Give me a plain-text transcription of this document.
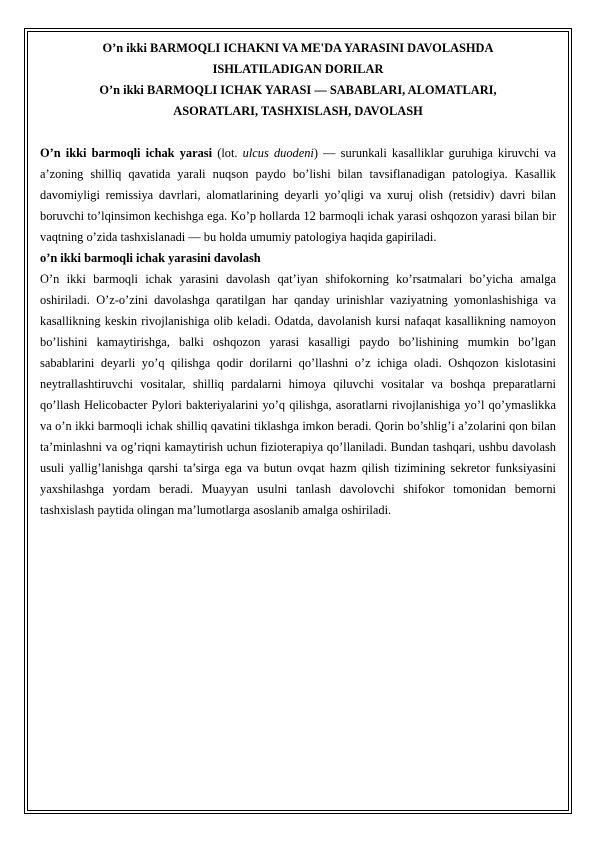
O’n ikki BARMOQLI ICHAKNI VA ME'DA YARASINI DAVOLASHDA
ISHLATILADIGAN DORILAR

O’n ikki BARMOQLI ICHAK YARASI — SABABLARI, ALOMATLARI,
ASORATLARI, TASHXISLASH, DAVOLASH

O’n ikki barmoqli ichak yarasi (lot. ulcus duodeni) — surunkali kasalliklar guruhiga kiruvchi va a’zoning shilliq qavatida yarali nuqson paydo bo’lishi bilan tavsiflanadigan patologiya. Kasallik davomiyligi remissiya davrlari, alomatlarining deyarli yo’qligi va xuruj olish (retsidiv) davri bilan boruvchi to’lqinsimon kechishga ega. Ko’p hollarda 12 barmoqli ichak yarasi oshqozon yarasi bilan bir vaqtning o’zida tashxislanadi — bu holda umumiy patologiya haqida gapiriladi.

o’n ikki barmoqli ichak yarasini davolash

O’n ikki barmoqli ichak yarasini davolash qat’iyan shifokorning ko’rsatmalari bo’yicha amalga oshiriladi. O’z-o’zini davolashga qaratilgan har qanday urinishlar vaziyatning yomonlashishiga va kasallikning keskin rivojlanishiga olib keladi. Odatda, davolanish kursi nafaqat kasallikning namoyon bo’lishini kamaytirishga, balki oshqozon yarasi kasalligi paydo bo’lishining mumkin bo’lgan sabablarini deyarli yo’q qilishga qodir dorilarni qo’llashni o’z ichiga oladi. Oshqozon kislotasini neytrallashtiruvchi vositalar, shilliq pardalarni himoya qiluvchi vositalar va boshqa preparatlarni qo’llash Helicobacter Pylori bakteriyalarini yo’q qilishga, asoratlarni rivojlanishiga yo’l qo’ymaslikka va o’n ikki barmoqli ichak shilliq qavatini tiklashga imkon beradi. Qorin bo’shlig’i a’zolarini qon bilan ta’minlashni va og’riqni kamaytirish uchun fizioterapiya qo’llaniladi. Bundan tashqari, ushbu davolash usuli yallig’lanishga qarshi ta’sirga ega va butun ovqat hazm qilish tizimining sekretor funksiyasini yaxshilashga yordam beradi. Muayyan usulni tanlash davolovchi shifokor tomonidan bemorni tashxislash paytida olingan ma’lumotlarga asoslanib amalga oshiriladi.
